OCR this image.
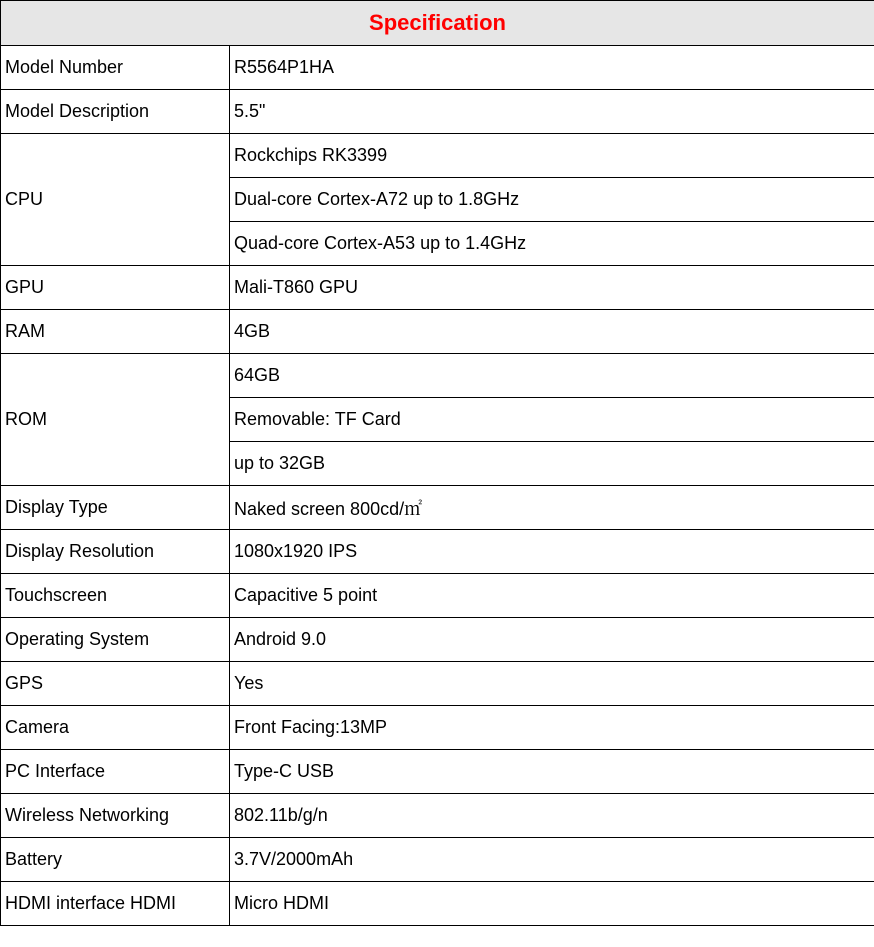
Specification	
Model Number	R5564P1HA
Model Description	5.5"
CPU	Rockchips RK3399
	Dual-core Cortex-A72 up to 1.8GHz
	Quad-core Cortex-A53 up to 1.4GHz
GPU	Mali-T860 GPU
RAM	4GB
ROM	64GB
	Removable: TF Card
	up to 32GB
Display Type	Naked screen 800cd/㎡
Display Resolution	1080x1920 IPS
Touchscreen	Capacitive 5 point
Operating System	Android 9.0
GPS	Yes
Camera	Front Facing:13MP
PC Interface	Type-C USB
Wireless Networking	802.11b/g/n
Battery	3.7V/2000mAh
HDMI interface HDMI	Micro HDMI
